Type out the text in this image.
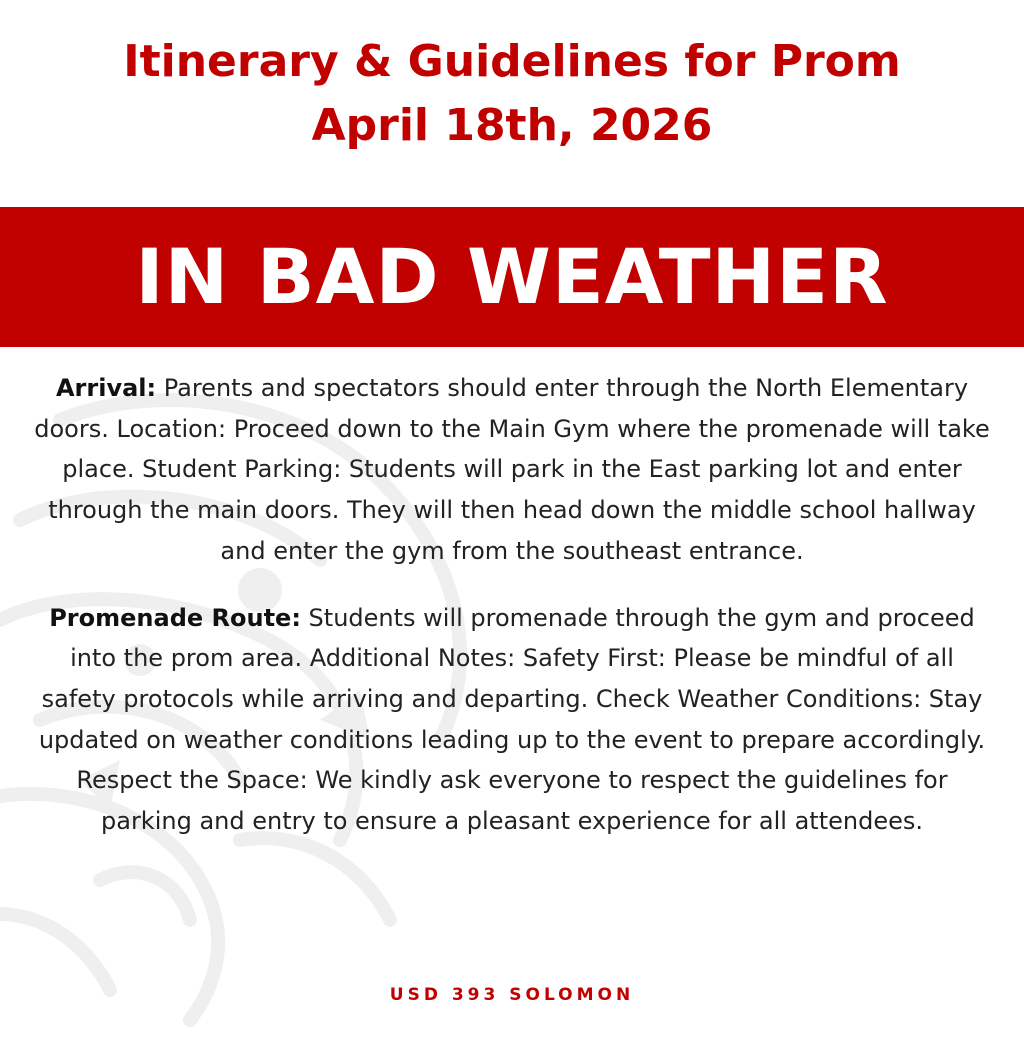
Itinerary & Guidelines for Prom
April 18th, 2026
IN BAD WEATHER

Arrival: Parents and spectators should enter through the North Elementary doors. Location: Proceed down to the Main Gym where the promenade will take place. Student Parking: Students will park in the East parking lot and enter through the main doors. They will then head down the middle school hallway and enter the gym from the southeast entrance.

Promenade Route: Students will promenade through the gym and proceed into the prom area. Additional Notes: Safety First: Please be mindful of all safety protocols while arriving and departing. Check Weather Conditions: Stay updated on weather conditions leading up to the event to prepare accordingly. Respect the Space: We kindly ask everyone to respect the guidelines for parking and entry to ensure a pleasant experience for all attendees.

USD 393 SOLOMON
